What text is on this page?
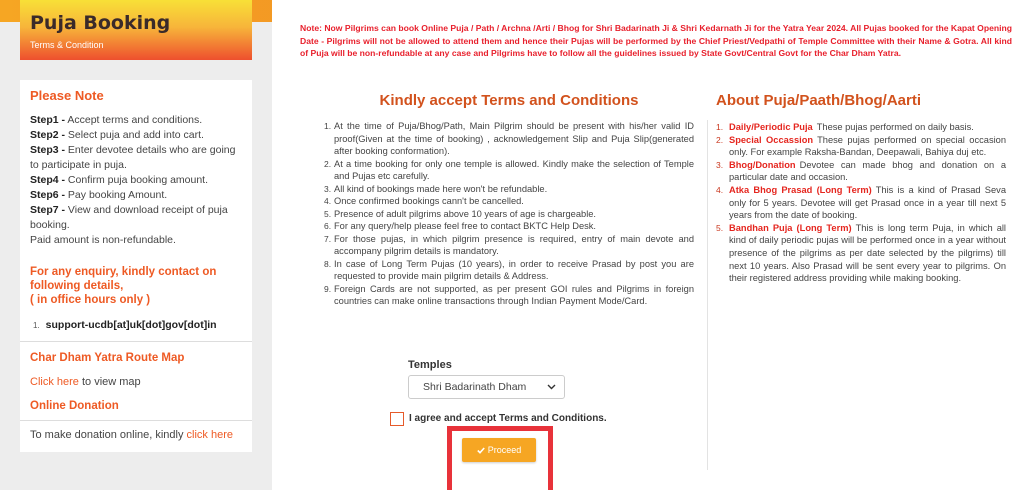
Puja Booking
Terms & Condition
Please Note
Step1 - Accept terms and conditions.
Step2 - Select puja and add into cart.
Step3 - Enter devotee details who are going to participate in puja.
Step4 - Confirm puja booking amount.
Step6 - Pay booking Amount.
Step7 - View and download receipt of puja booking.
Paid amount is non-refundable.
For any enquiry, kindly contact on following details,
( in office hours only )
1. support-ucdb[at]uk[dot]gov[dot]in
Char Dham Yatra Route Map
Click here to view map
Online Donation
To make donation online, kindly click here

Note: Now Pilgrims can book Online Puja / Path / Archna /Arti / Bhog for Shri Badarinath Ji & Shri Kedarnath Ji for the Yatra Year 2024. All Pujas booked for the Kapat Opening Date - Pilgrims will not be allowed to attend them and hence their Pujas will be performed by the Chief Priest/Vedpathi of Temple Committee with their Name & Gotra. All kind of Puja will be non-refundable at any case and Pilgrims have to follow all the guidelines issued by State Govt/Central Govt for the Char Dham Yatra.

Kindly accept Terms and Conditions
1. At the time of Puja/Bhog/Path, Main Pilgrim should be present with his/her valid ID proof(Given at the time of booking) , acknowledgement Slip and Puja Slip(generated after booking conformation).
2. At a time booking for only one temple is allowed. Kindly make the selection of Temple and Pujas etc carefully.
3. All kind of bookings made here won't be refundable.
4. Once confirmed bookings cann't be cancelled.
5. Presence of adult pilgrims above 10 years of age is chargeable.
6. For any query/help please feel free to contact BKTC Help Desk.
7. For those pujas, in which pilgrim presence is required, entry of main devote and accompany pilgrim details is mandatory.
8. In case of Long Term Pujas (10 years), in order to receive Prasad by post you are requested to provide main pilgrim details & Address.
9. Foreign Cards are not supported, as per present GOI rules and Pilgrims in foreign countries can make online transactions through Indian Payment Mode/Card.
About Puja/Paath/Bhog/Aarti
1. Daily/Periodic Puja These pujas performed on daily basis.
2. Special Occassion These pujas performed on special occasion only. For example Raksha-Bandan, Deepawali, Bahiya duj etc.
3. Bhog/Donation Devotee can made bhog and donation on a particular date and occasion.
4. Atka Bhog Prasad (Long Term) This is a kind of Prasad Seva only for 5 years. Devotee will get Prasad once in a year till next 5 years from the date of booking.
5. Bandhan Puja (Long Term) This is long term Puja, in which all kind of daily periodic pujas will be performed once in a year without presence of the pilgrims as per date selected by the pilgrims) till next 10 years. Also Prasad will be sent every year to pilgrims. On their registered address providing while making booking.
Temples
Shri Badarinath Dham
I agree and accept Terms and Conditions.
Proceed
